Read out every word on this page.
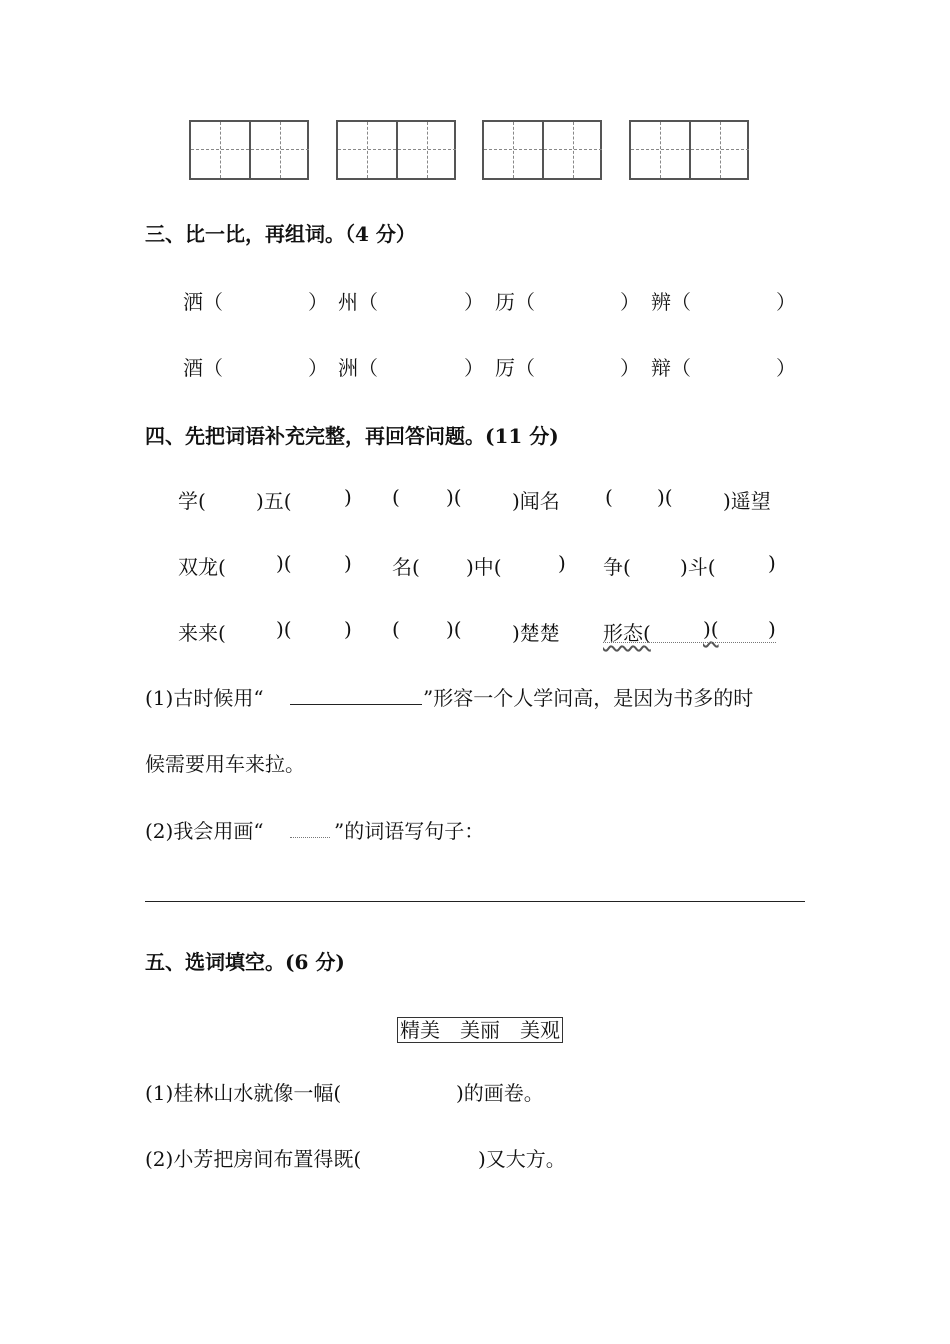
三、比一比，再组词。（4 分）
洒（	） 州（	） 历（	） 辨（	）
酒（	） 洲（	） 厉（	） 辩（	）
四、先把词语补充完整，再回答问题。(11 分)
学(	)五(	) ( )(	)闻名 ( )(	)遥望
双龙(	)(	) 名( )中(	) 争( )斗(	)
来来(	)(	) ( )(	)楚楚 形态(	)( )
(1)古时候用“	”形容一个人学问高，是因为书多的时
候需要用车来拉。
(2)我会用画“	”的词语写句子：
五、选词填空。(6 分)
精美　美丽　美观
(1)桂林山水就像一幅(	)的画卷。
(2)小芳把房间布置得既(	)又大方。
